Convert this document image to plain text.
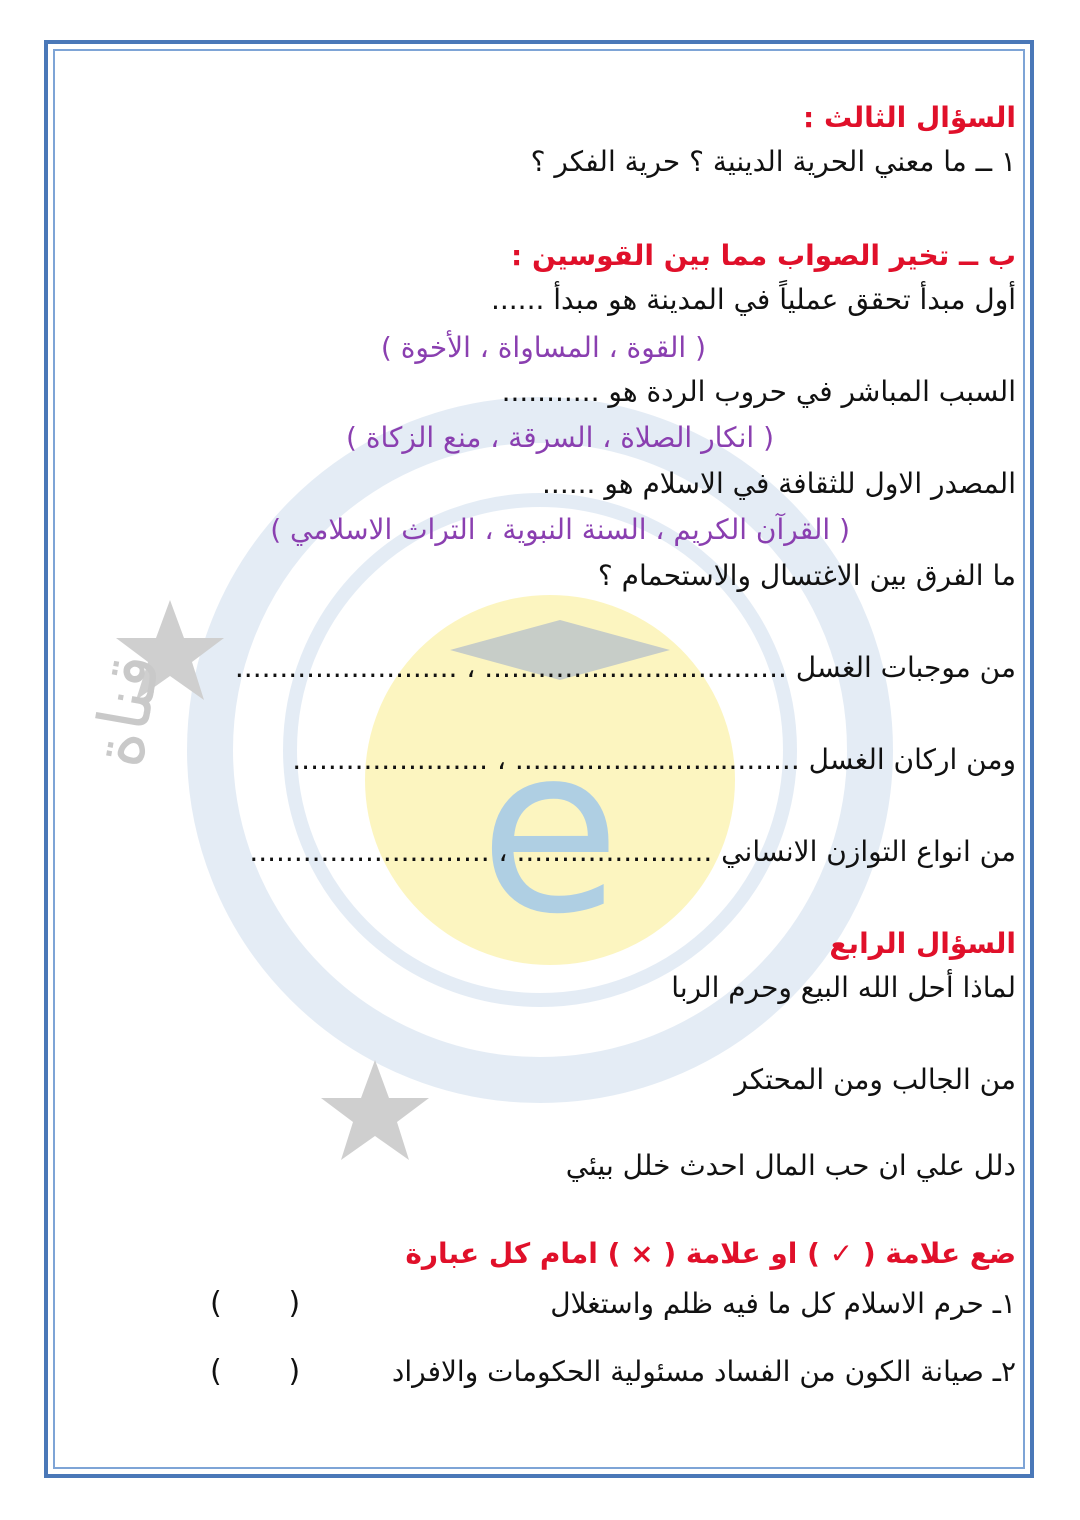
e
قناة
السؤال الثالث :
١ ــ ما معني الحرية الدينية ؟ حرية الفكر ؟
ب ــ تخير الصواب مما بين القوسين :
أول مبدأ تحقق عملياً في المدينة هو مبدأ ......
( القوة ، المساواة ، الأخوة )
السبب المباشر في حروب الردة هو ...........
( انكار الصلاة ، السرقة ، منع الزكاة )
المصدر الاول للثقافة في الاسلام هو ......
( القرآن الكريم ، السنة النبوية ، التراث الاسلامي )
ما الفرق بين الاغتسال والاستحمام ؟
من موجبات الغسل .................................. ، .........................
ومن اركان الغسل ................................ ، ......................
من انواع التوازن الانساني ...................... ، ...........................
السؤال الرابع
لماذا أحل الله البيع وحرم الربا
من الجالب ومن المحتكر
دلل علي ان حب المال احدث خلل بيئي
ضع علامة ( ✓ ) او علامة ( × ) امام كل عبارة
١ـ حرم الاسلام كل ما فيه ظلم واستغلال
(       )
٢ـ صيانة الكون من الفساد مسئولية الحكومات والافراد
(       )
